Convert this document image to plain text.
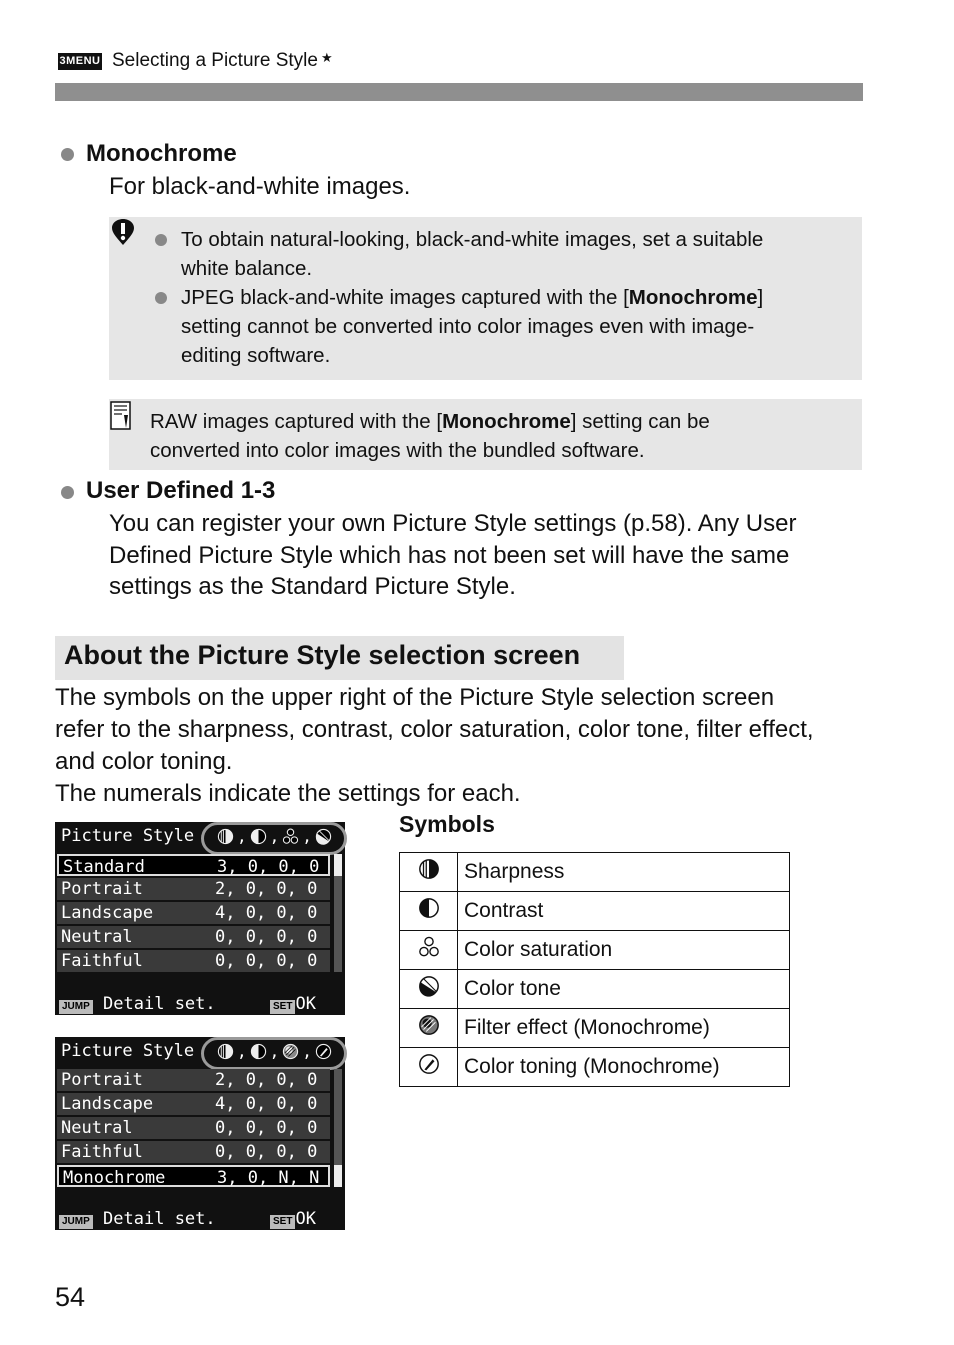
3MENU Selecting a Picture Style ★
Monochrome
For black-and-white images.
To obtain natural-looking, black-and-white images, set a suitable
white balance.
JPEG black-and-white images captured with the [Monochrome]
setting cannot be converted into color images even with image-
editing software.
RAW images captured with the [Monochrome] setting can be
converted into color images with the bundled software.
User Defined 1-3
You can register your own Picture Style settings (p.58). Any User
Defined Picture Style which has not been set will have the same
settings as the Standard Picture Style.
About the Picture Style selection screen
The symbols on the upper right of the Picture Style selection screen
refer to the sharpness, contrast, color saturation, color tone, filter effect,
and color toning.
The numerals indicate the settings for each.
Picture Style	,
,
,
Standard	3, 0, 0, 0
Portrait	2, 0, 0, 0
Landscape	4, 0, 0, 0
Neutral	0, 0, 0, 0
Faithful	0, 0, 0, 0
JUMP Detail set.	SET OK
Picture Style	,
,
,
Portrait	2, 0, 0, 0
Landscape	4, 0, 0, 0
Neutral	0, 0, 0, 0
Faithful	0, 0, 0, 0
Monochrome	3, 0, N, N
JUMP Detail set.	SET OK
Symbols
	Sharpness
	Contrast
	Color saturation
	Color tone
	Filter effect (Monochrome)
	Color toning (Monochrome)
54
